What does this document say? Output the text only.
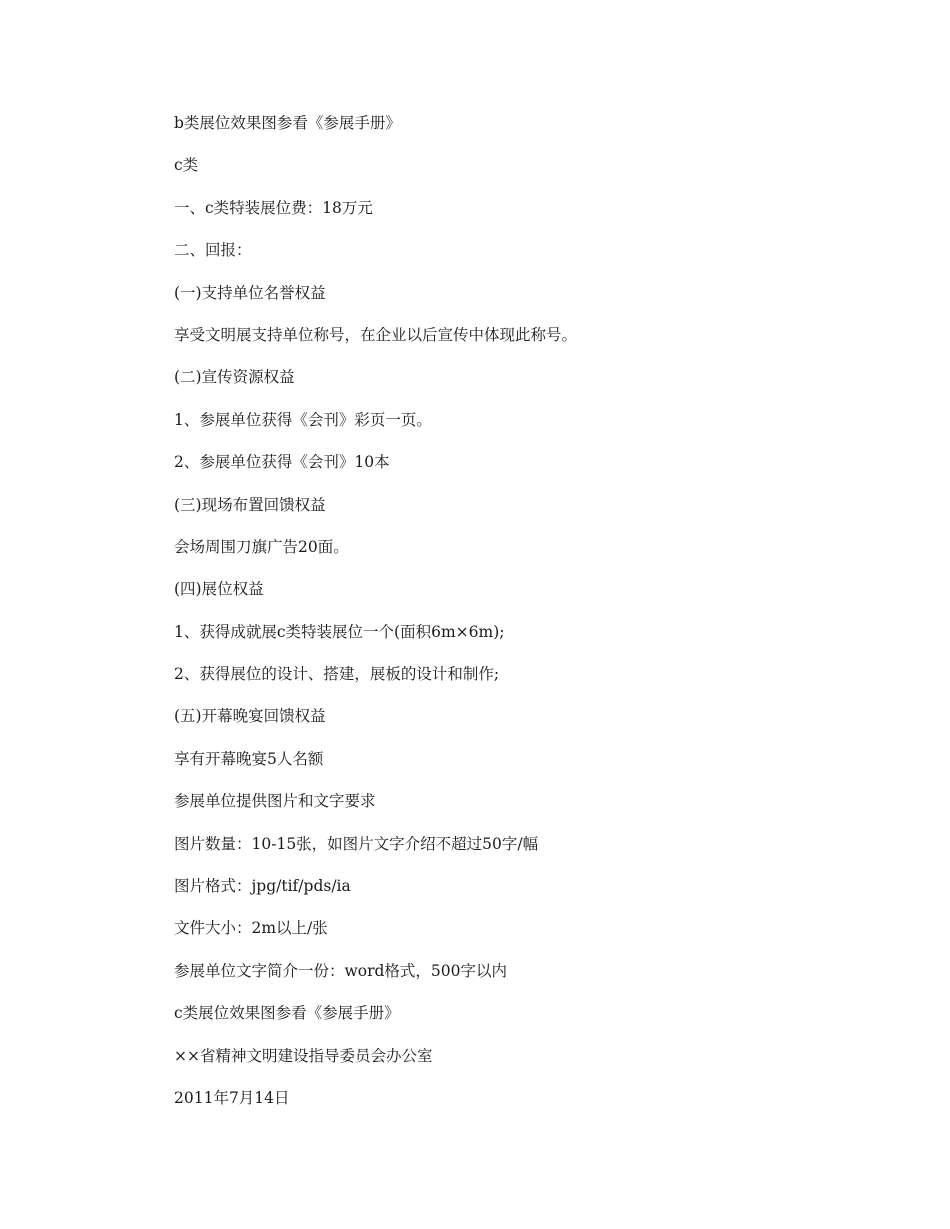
b类展位效果图参看《参展手册》

c类

一、c类特装展位费：18万元

二、回报：

(一)支持单位名誉权益

享受文明展支持单位称号，在企业以后宣传中体现此称号。

(二)宣传资源权益

1、参展单位获得《会刊》彩页一页。

2、参展单位获得《会刊》10本

(三)现场布置回馈权益

会场周围刀旗广告20面。

(四)展位权益

1、获得成就展c类特装展位一个(面积6m×6m);

2、获得展位的设计、搭建，展板的设计和制作;

(五)开幕晚宴回馈权益

享有开幕晚宴5人名额

参展单位提供图片和文字要求

图片数量：10-15张，如图片文字介绍不超过50字/幅

图片格式：jpg/tif/pds/ia

文件大小：2m以上/张

参展单位文字简介一份：word格式，500字以内

c类展位效果图参看《参展手册》

××省精神文明建设指导委员会办公室

2011年7月14日
